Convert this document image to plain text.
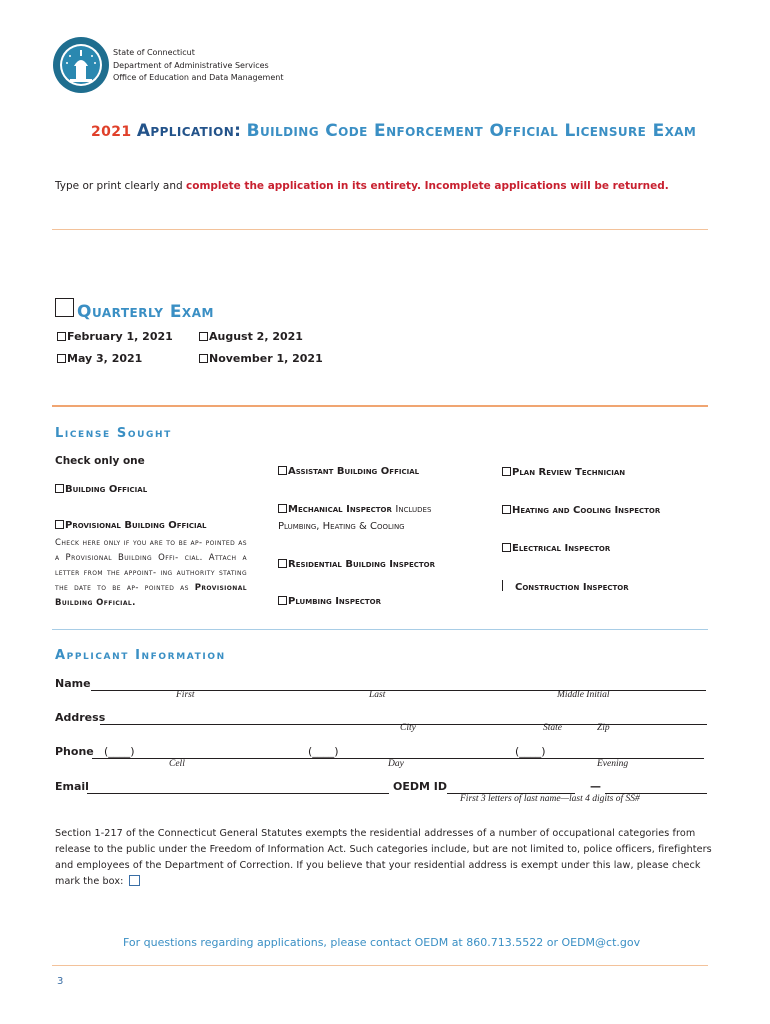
State of Connecticut
Department of Administrative Services
Office of Education and Data Management
2021 Application: Building Code Enforcement Official Licensure Exam
Type or print clearly and complete the application in its entirety. Incomplete applications will be returned.
Quarterly Exam
February 1, 2021	August 2, 2021
May 3, 2021	November 1, 2021
License Sought
Check only one
Building Official
Provisional Building Official
Check here only if you are to be ap- pointed as a Provisional Building Offi- cial. Attach a letter from the appoint- ing authority stating the date to be ap- pointed as Provisional Building Official.
Assistant Building Official
Mechanical Inspector Includes
Plumbing, Heating & Cooling
Residential Building Inspector
Plumbing Inspector
Plan Review Technician
Heating and Cooling Inspector
Electrical Inspector
Construction Inspector
Applicant Information
Name
First	Last	Middle Initial
Address
City	State	Zip
Phone (____)	(____)	(____)
Cell	Day	Evening
Email	OEDM ID	—
First 3 letters of last name—last 4 digits of SS#
Section 1-217 of the Connecticut General Statutes exempts the residential addresses of a number of occupational categories from release to the public under the Freedom of Information Act. Such categories include, but are not limited to, police officers, firefighters and employees of the Department of Correction. If you believe that your residential address is exempt under this law, please check mark the box:
For questions regarding applications, please contact OEDM at 860.713.5522 or OEDM@ct.gov
3
